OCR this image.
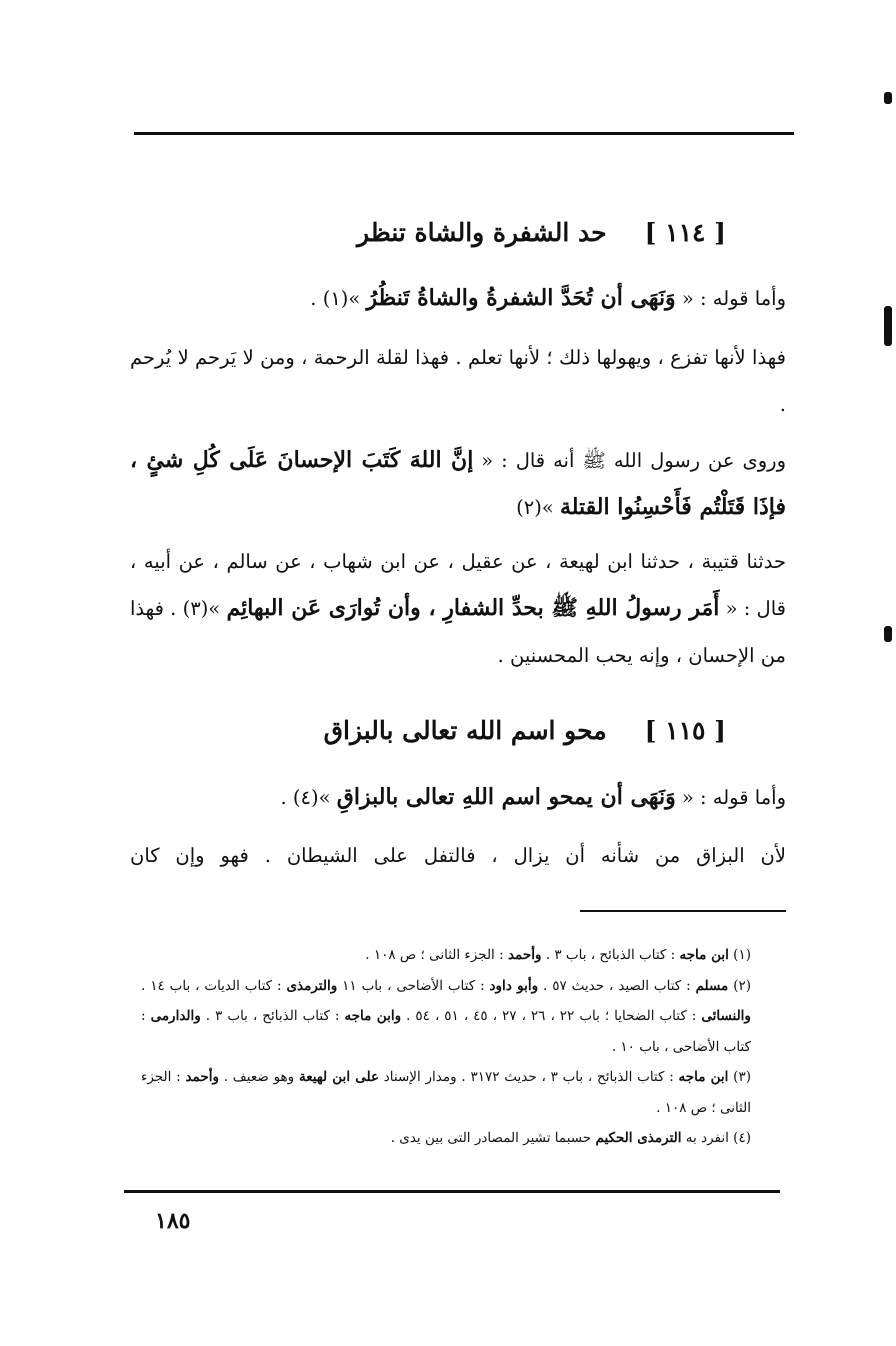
[ ١١٤ ]حد الشفرة والشاة تنظر
وأما قوله : « وَنَهَى أن تُحَدَّ الشفرةُ والشاةُ تَنظُرُ »(١) .
فهذا لأنها تفزع ، ويهولها ذلك ؛ لأنها تعلم . فهذا لقلة الرحمة ، ومن لا يَرحم لا يُرحم .
وروى عن رسول الله ﷺ أنه قال : « إنَّ اللهَ كَتَبَ الإحسانَ عَلَى كُلِ شئٍ ، فإذَا قَتَلْتُم فَأَحْسِنُوا القتلة »(٢)
حدثنا قتيبة ، حدثنا ابن لهيعة ، عن عقيل ، عن ابن شهاب ، عن سالم ، عن أبيه ، قال : « أَمَر رسولُ اللهِ ﷺ بحدِّ الشفارِ ، وأن تُوارَى عَن البهائِم »(٣) . فهذا من الإحسان ، وإنه يحب المحسنين .
[ ١١٥ ]محو اسم الله تعالى بالبزاق
وأما قوله : « وَنَهَى أن يمحو اسم اللهِ تعالى بالبزاقِ »(٤) .
لأن البزاق من شأنه أن يزال ، فالتفل على الشيطان . فهو وإن كان
(١) ابن ماجه : كتاب الذبائح ، باب ٣ . وأحمد : الجزء الثانى ؛ ص ١٠٨ .
(٢) مسلم : كتاب الصيد ، حديث ٥٧ . وأبو داود : كتاب الأضاحى ، باب ١١ والترمذى : كتاب الديات ، باب ١٤ . والنسائى : كتاب الضحايا ؛ باب ٢٢ ، ٢٦ ، ٢٧ ، ٤٥ ، ٥١ ، ٥٤ . وابن ماجه : كتاب الذبائح ، باب ٣ . والدارمى : كتاب الأضاحى ، باب ١٠ .
(٣) ابن ماجه : كتاب الذبائح ، باب ٣ ، حديث ٣١٧٢ . ومدار الإسناد على ابن لهيعة وهو ضعيف . وأحمد : الجزء الثانى ؛ ص ١٠٨ .
(٤) انفرد به الترمذى الحكيم حسبما تشير المصادر التى بين يدى .
١٨٥
